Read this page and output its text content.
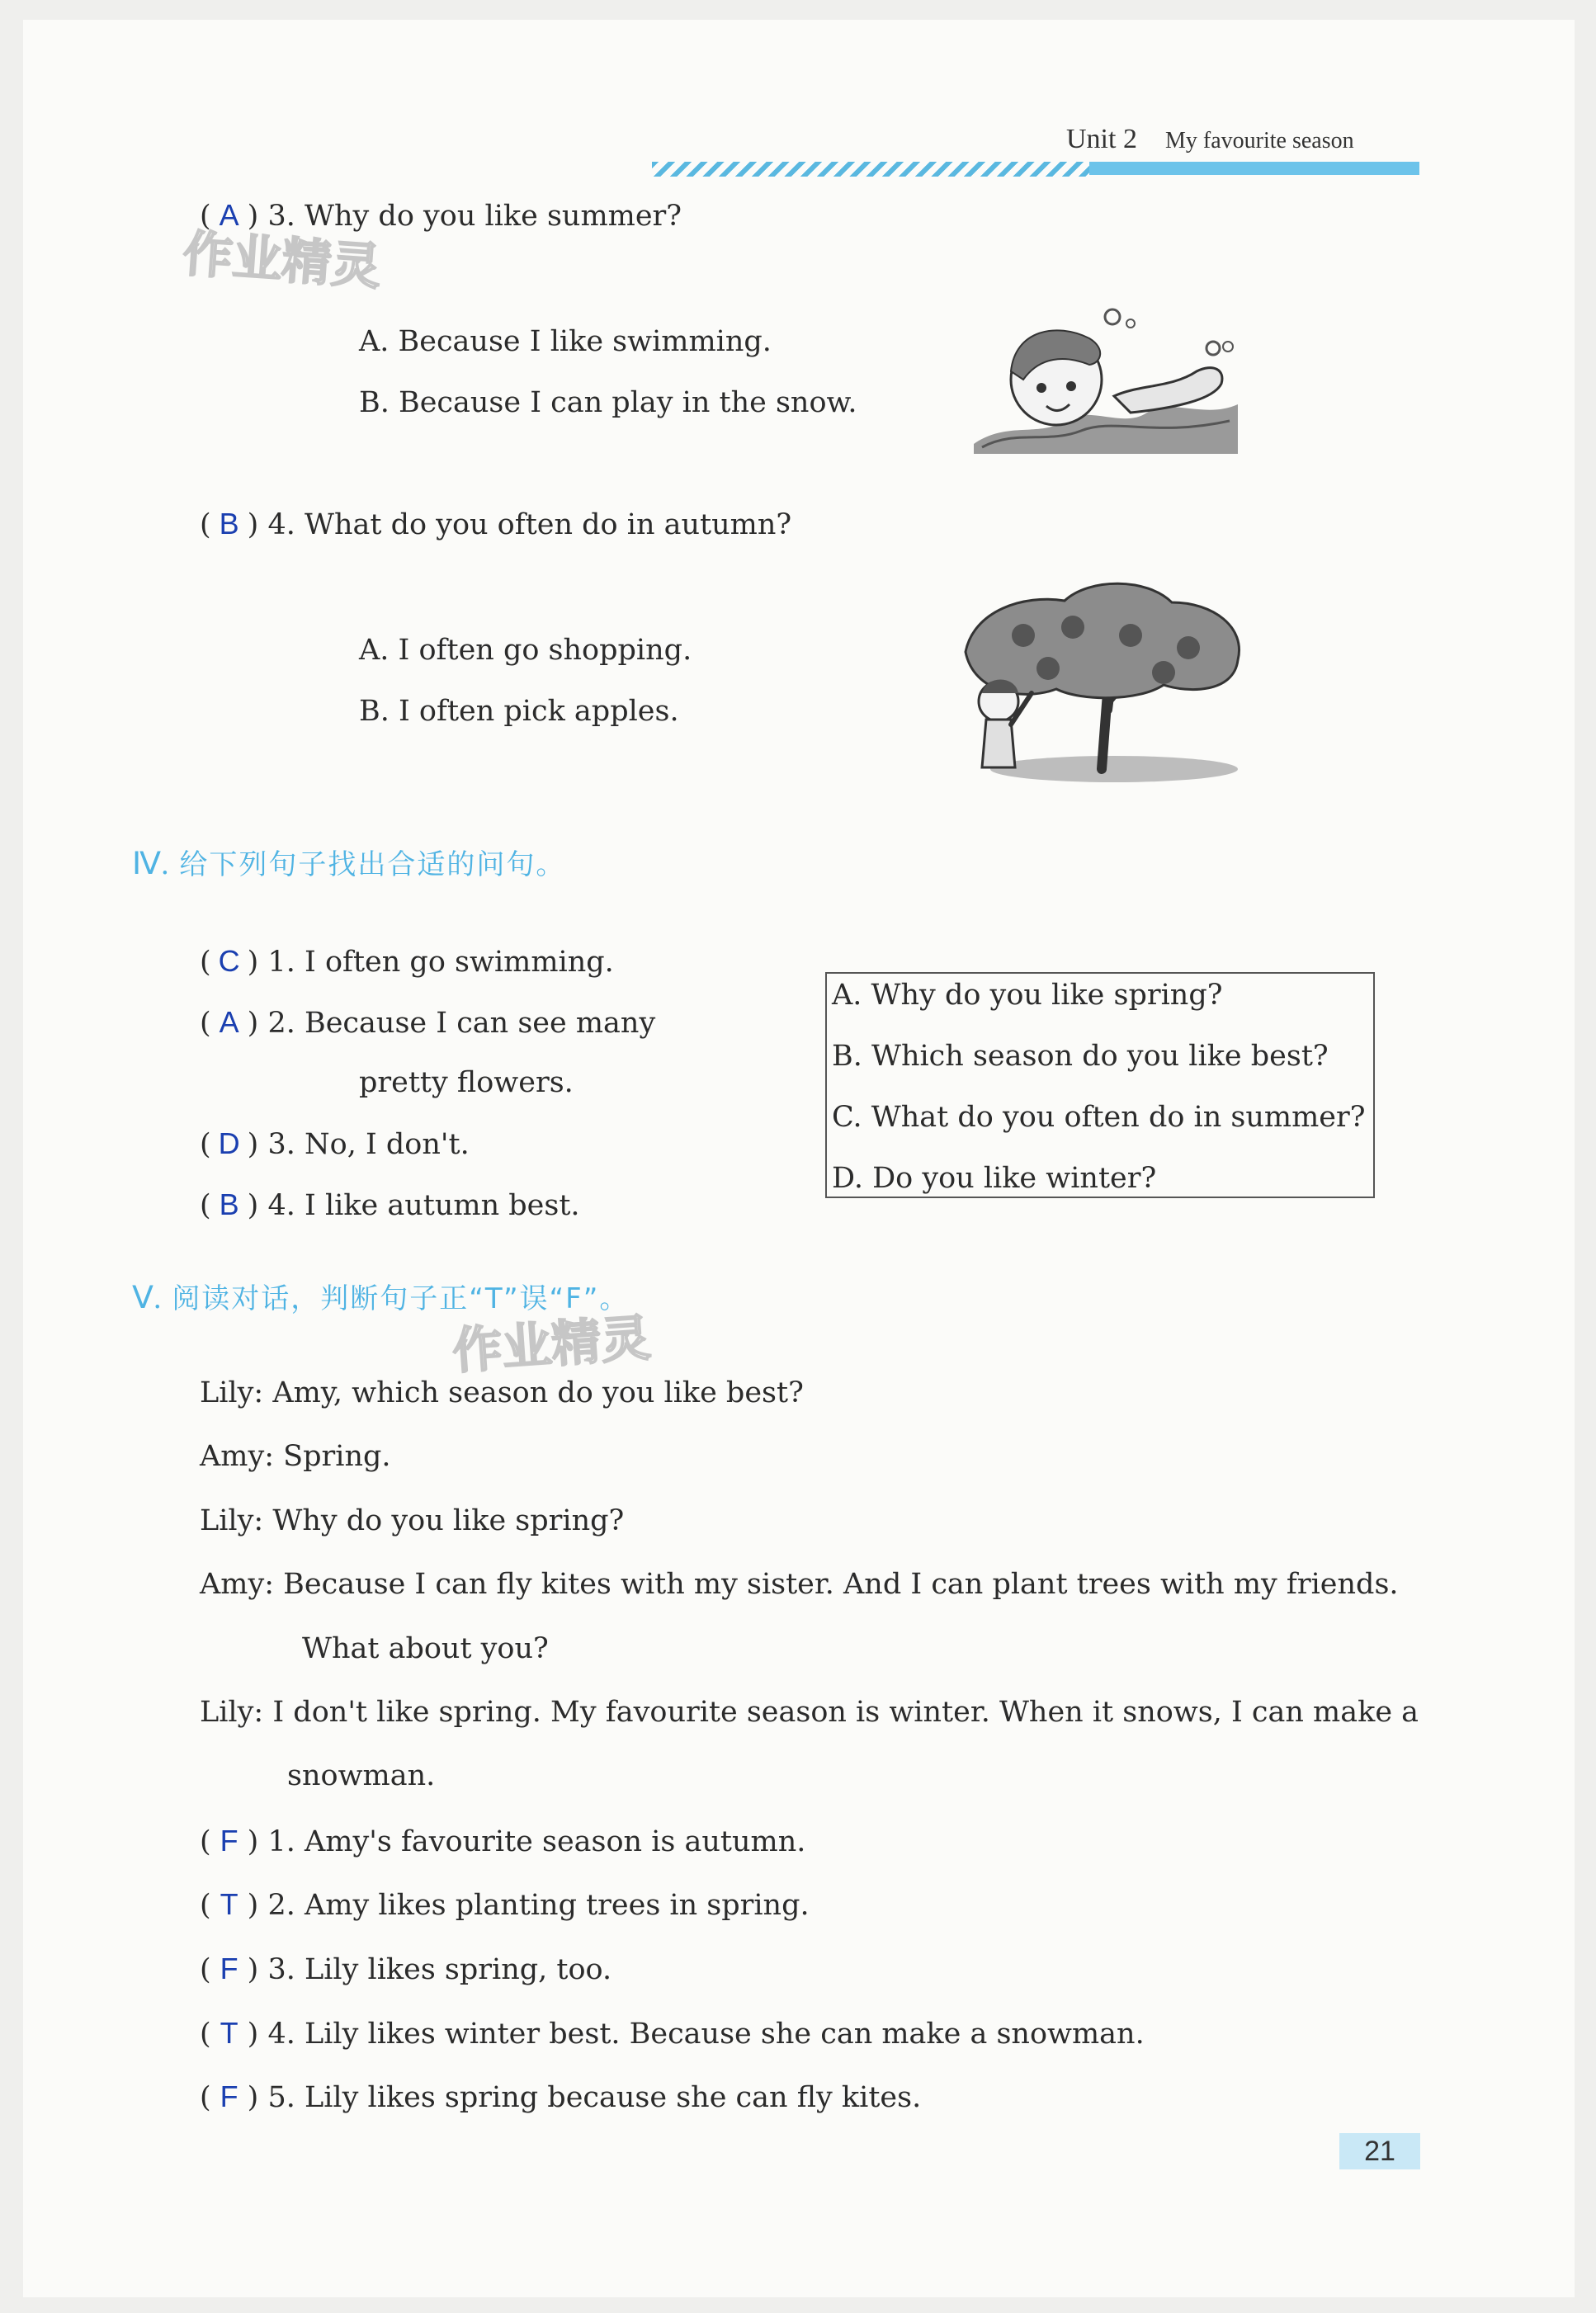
Unit 2 My favourite season
作业精灵
作业精灵
( A ) 3. Why do you like summer?
A. Because I like swimming.
B. Because I can play in the snow.
( B ) 4. What do you often do in autumn?
A. I often go shopping.
B. I often pick apples.
Ⅳ. 给下列句子找出合适的问句。
( C ) 1. I often go swimming.
( A ) 2. Because I can see many
pretty flowers.
( D ) 3. No, I don't.
( B ) 4. I like autumn best.
A. Why do you like spring?
B. Which season do you like best?
C. What do you often do in summer?
D. Do you like winter?
Ⅴ. 阅读对话，判断句子正“T”误“F”。
Lily: Amy, which season do you like best?
Amy: Spring.
Lily: Why do you like spring?
Amy: Because I can fly kites with my sister. And I can plant trees with my friends.
What about you?
Lily: I don't like spring. My favourite season is winter. When it snows, I can make a
snowman.
( F ) 1. Amy's favourite season is autumn.
( T ) 2. Amy likes planting trees in spring.
( F ) 3. Lily likes spring, too.
( T ) 4. Lily likes winter best. Because she can make a snowman.
( F ) 5. Lily likes spring because she can fly kites.
21
